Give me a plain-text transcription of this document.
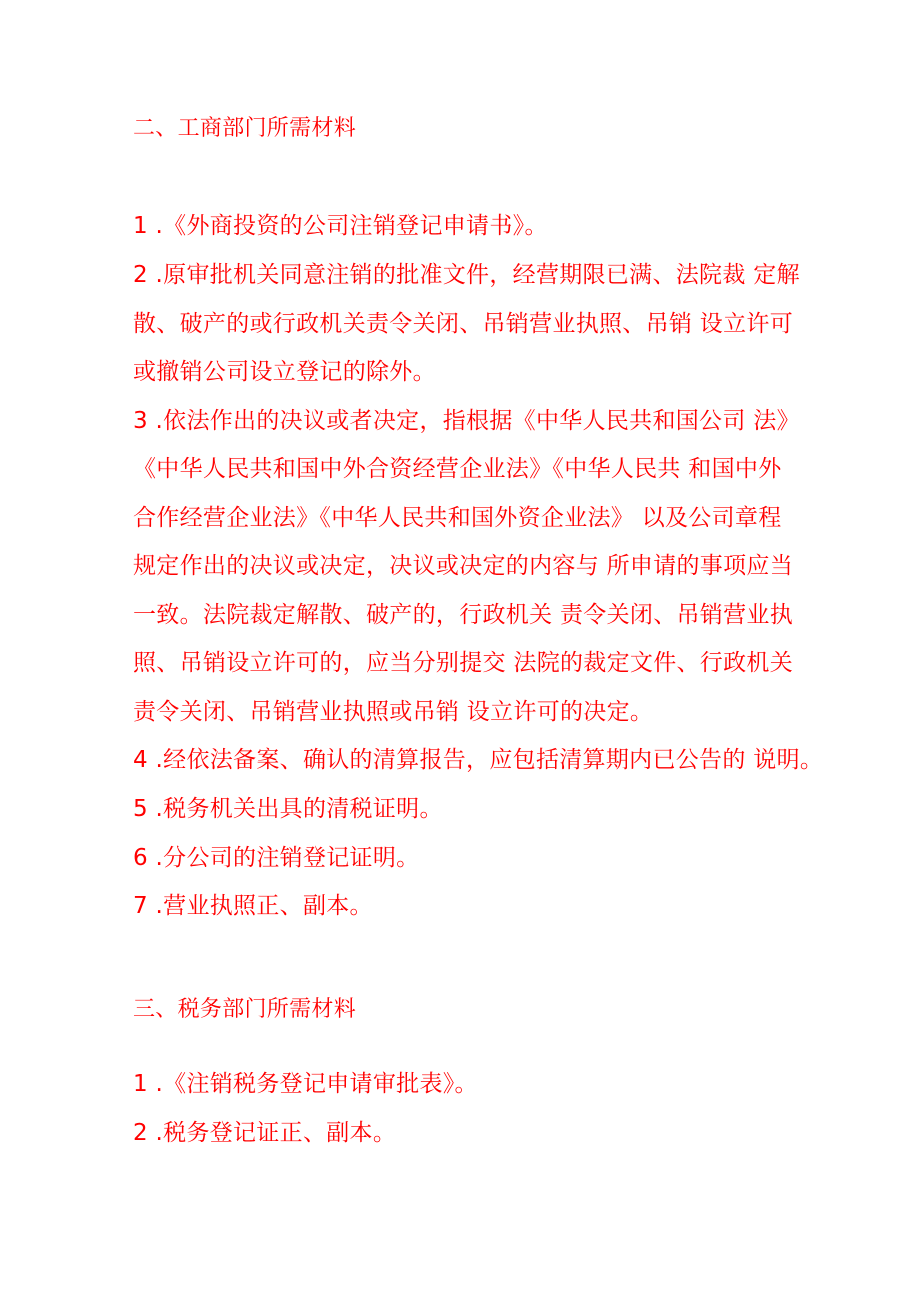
二、工商部门所需材料
1 .《外商投资的公司注销登记申请书》。
2 .原审批机关同意注销的批准文件，经营期限已满、法院裁 定解
散、破产的或行政机关责令关闭、吊销营业执照、吊销 设立许可
或撤销公司设立登记的除外。
3 .依法作出的决议或者决定，指根据《中华人民共和国公司 法》
《中华人民共和国中外合资经营企业法》《中华人民共 和国中外
合作经营企业法》《中华人民共和国外资企业法》 以及公司章程
规定作出的决议或决定，决议或决定的内容与 所申请的事项应当
一致。法院裁定解散、破产的，行政机关 责令关闭、吊销营业执
照、吊销设立许可的，应当分别提交 法院的裁定文件、行政机关
责令关闭、吊销营业执照或吊销 设立许可的决定。
4 .经依法备案、确认的清算报告，应包括清算期内已公告的 说明。
5 .税务机关出具的清税证明。
6 .分公司的注销登记证明。
7 .营业执照正、副本。
三、税务部门所需材料
1 .《注销税务登记申请审批表》。
2 .税务登记证正、副本。
